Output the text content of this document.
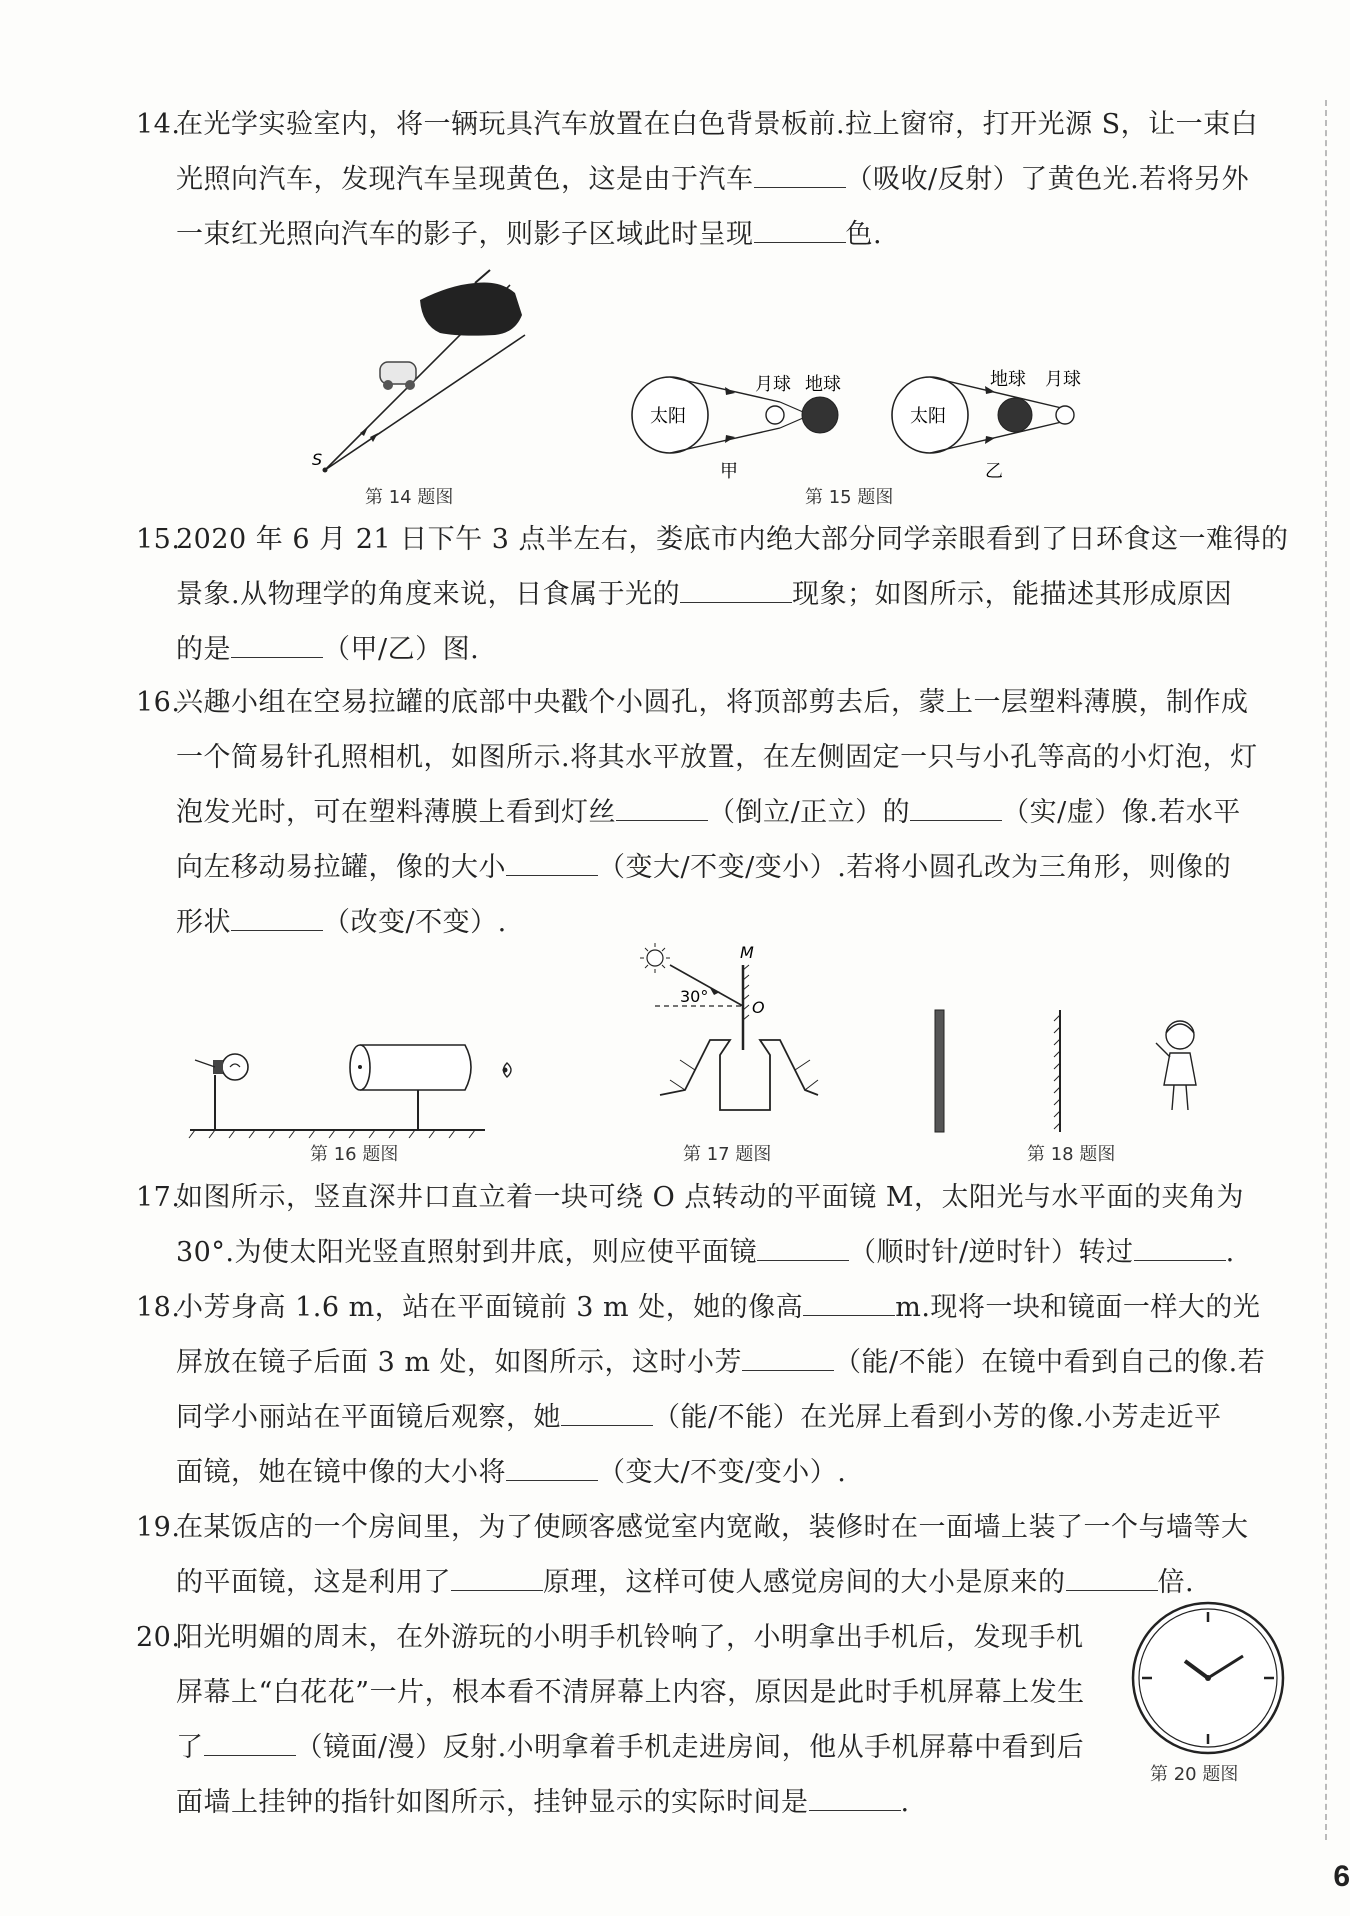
14.
在光学实验室内，将一辆玩具汽车放置在白色背景板前.拉上窗帘，打开光源 S，让一束白
光照向汽车，发现汽车呈现黄色，这是由于汽车	（吸收/反射）了黄色光.若将另外
一束红光照向汽车的影子，则影子区域此时呈现	色.
S
第 14 题图
太阳
月球 地球
甲
太阳
地球 月球
乙
第 15 题图
15.
2020 年 6 月 21 日下午 3 点半左右，娄底市内绝大部分同学亲眼看到了日环食这一难得的
景象.从物理学的角度来说，日食属于光的	现象；如图所示，能描述其形成原因
的是	（甲/乙）图.
16.
兴趣小组在空易拉罐的底部中央戳个小圆孔，将顶部剪去后，蒙上一层塑料薄膜，制作成
一个简易针孔照相机，如图所示.将其水平放置，在左侧固定一只与小孔等高的小灯泡，灯
泡发光时，可在塑料薄膜上看到灯丝	（倒立/正立）的	（实/虚）像.若水平
向左移动易拉罐，像的大小	（变大/不变/变小）.若将小圆孔改为三角形，则像的
形状	（改变/不变）.
第 16 题图
30°
M
O
第 17 题图	第 18 题图
17.
如图所示，竖直深井口直立着一块可绕 O 点转动的平面镜 M，太阳光与水平面的夹角为
30°.为使太阳光竖直照射到井底，则应使平面镜	（顺时针/逆时针）转过	.
18.
小芳身高 1.6 m，站在平面镜前 3 m 处，她的像高	m.现将一块和镜面一样大的光
屏放在镜子后面 3 m 处，如图所示，这时小芳	（能/不能）在镜中看到自己的像.若
同学小丽站在平面镜后观察，她	（能/不能）在光屏上看到小芳的像.小芳走近平
面镜，她在镜中像的大小将	（变大/不变/变小）.
19.
在某饭店的一个房间里，为了使顾客感觉室内宽敞，装修时在一面墙上装了一个与墙等大
的平面镜，这是利用了	原理，这样可使人感觉房间的大小是原来的	倍.
20.
阳光明媚的周末，在外游玩的小明手机铃响了，小明拿出手机后，发现手机
屏幕上“白花花”一片，根本看不清屏幕上内容，原因是此时手机屏幕上发生
了	（镜面/漫）反射.小明拿着手机走进房间，他从手机屏幕中看到后
面墙上挂钟的指针如图所示，挂钟显示的实际时间是	.
第 20 题图
6
